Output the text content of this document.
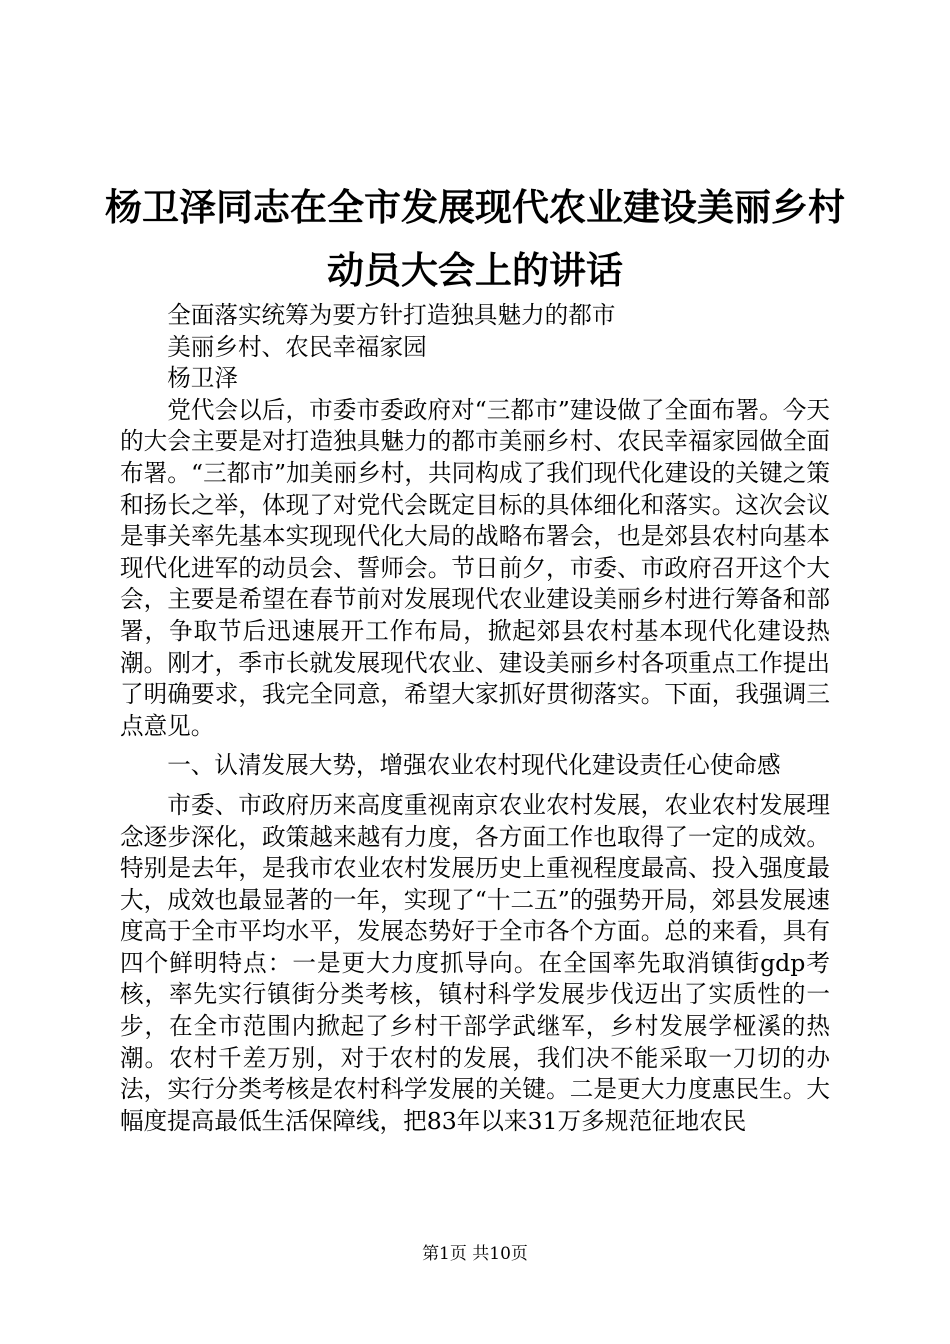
杨卫泽同志在全市发展现代农业建设美丽乡村
动员大会上的讲话

全面落实统筹为要方针打造独具魅力的都市

美丽乡村、农民幸福家园

杨卫泽

党代会以后，市委市委政府对“三都市”建设做了全面布署。今天的大会主要是对打造独具魅力的都市美丽乡村、农民幸福家园做全面布署。“三都市”加美丽乡村，共同构成了我们现代化建设的关键之策和扬长之举，体现了对党代会既定目标的具体细化和落实。这次会议是事关率先基本实现现代化大局的战略布署会，也是郊县农村向基本现代化进军的动员会、誓师会。节日前夕，市委、市政府召开这个大会，主要是希望在春节前对发展现代农业建设美丽乡村进行筹备和部署，争取节后迅速展开工作布局，掀起郊县农村基本现代化建设热潮。刚才，季市长就发展现代农业、建设美丽乡村各项重点工作提出了明确要求，我完全同意，希望大家抓好贯彻落实。下面，我强调三点意见。

一、认清发展大势，增强农业农村现代化建设责任心使命感

市委、市政府历来高度重视南京农业农村发展，农业农村发展理念逐步深化，政策越来越有力度，各方面工作也取得了一定的成效。特别是去年，是我市农业农村发展历史上重视程度最高、投入强度最大，成效也最显著的一年，实现了“十二五”的强势开局，郊县发展速度高于全市平均水平，发展态势好于全市各个方面。总的来看，具有四个鲜明特点：一是更大力度抓导向。在全国率先取消镇街gdp考核，率先实行镇街分类考核，镇村科学发展步伐迈出了实质性的一步，在全市范围内掀起了乡村干部学武继军，乡村发展学桠溪的热潮。农村千差万别，对于农村的发展，我们决不能采取一刀切的办法，实行分类考核是农村科学发展的关键。二是更大力度惠民生。大幅度提高最低生活保障线，把83年以来31万多规范征地农民

第1页 共10页
